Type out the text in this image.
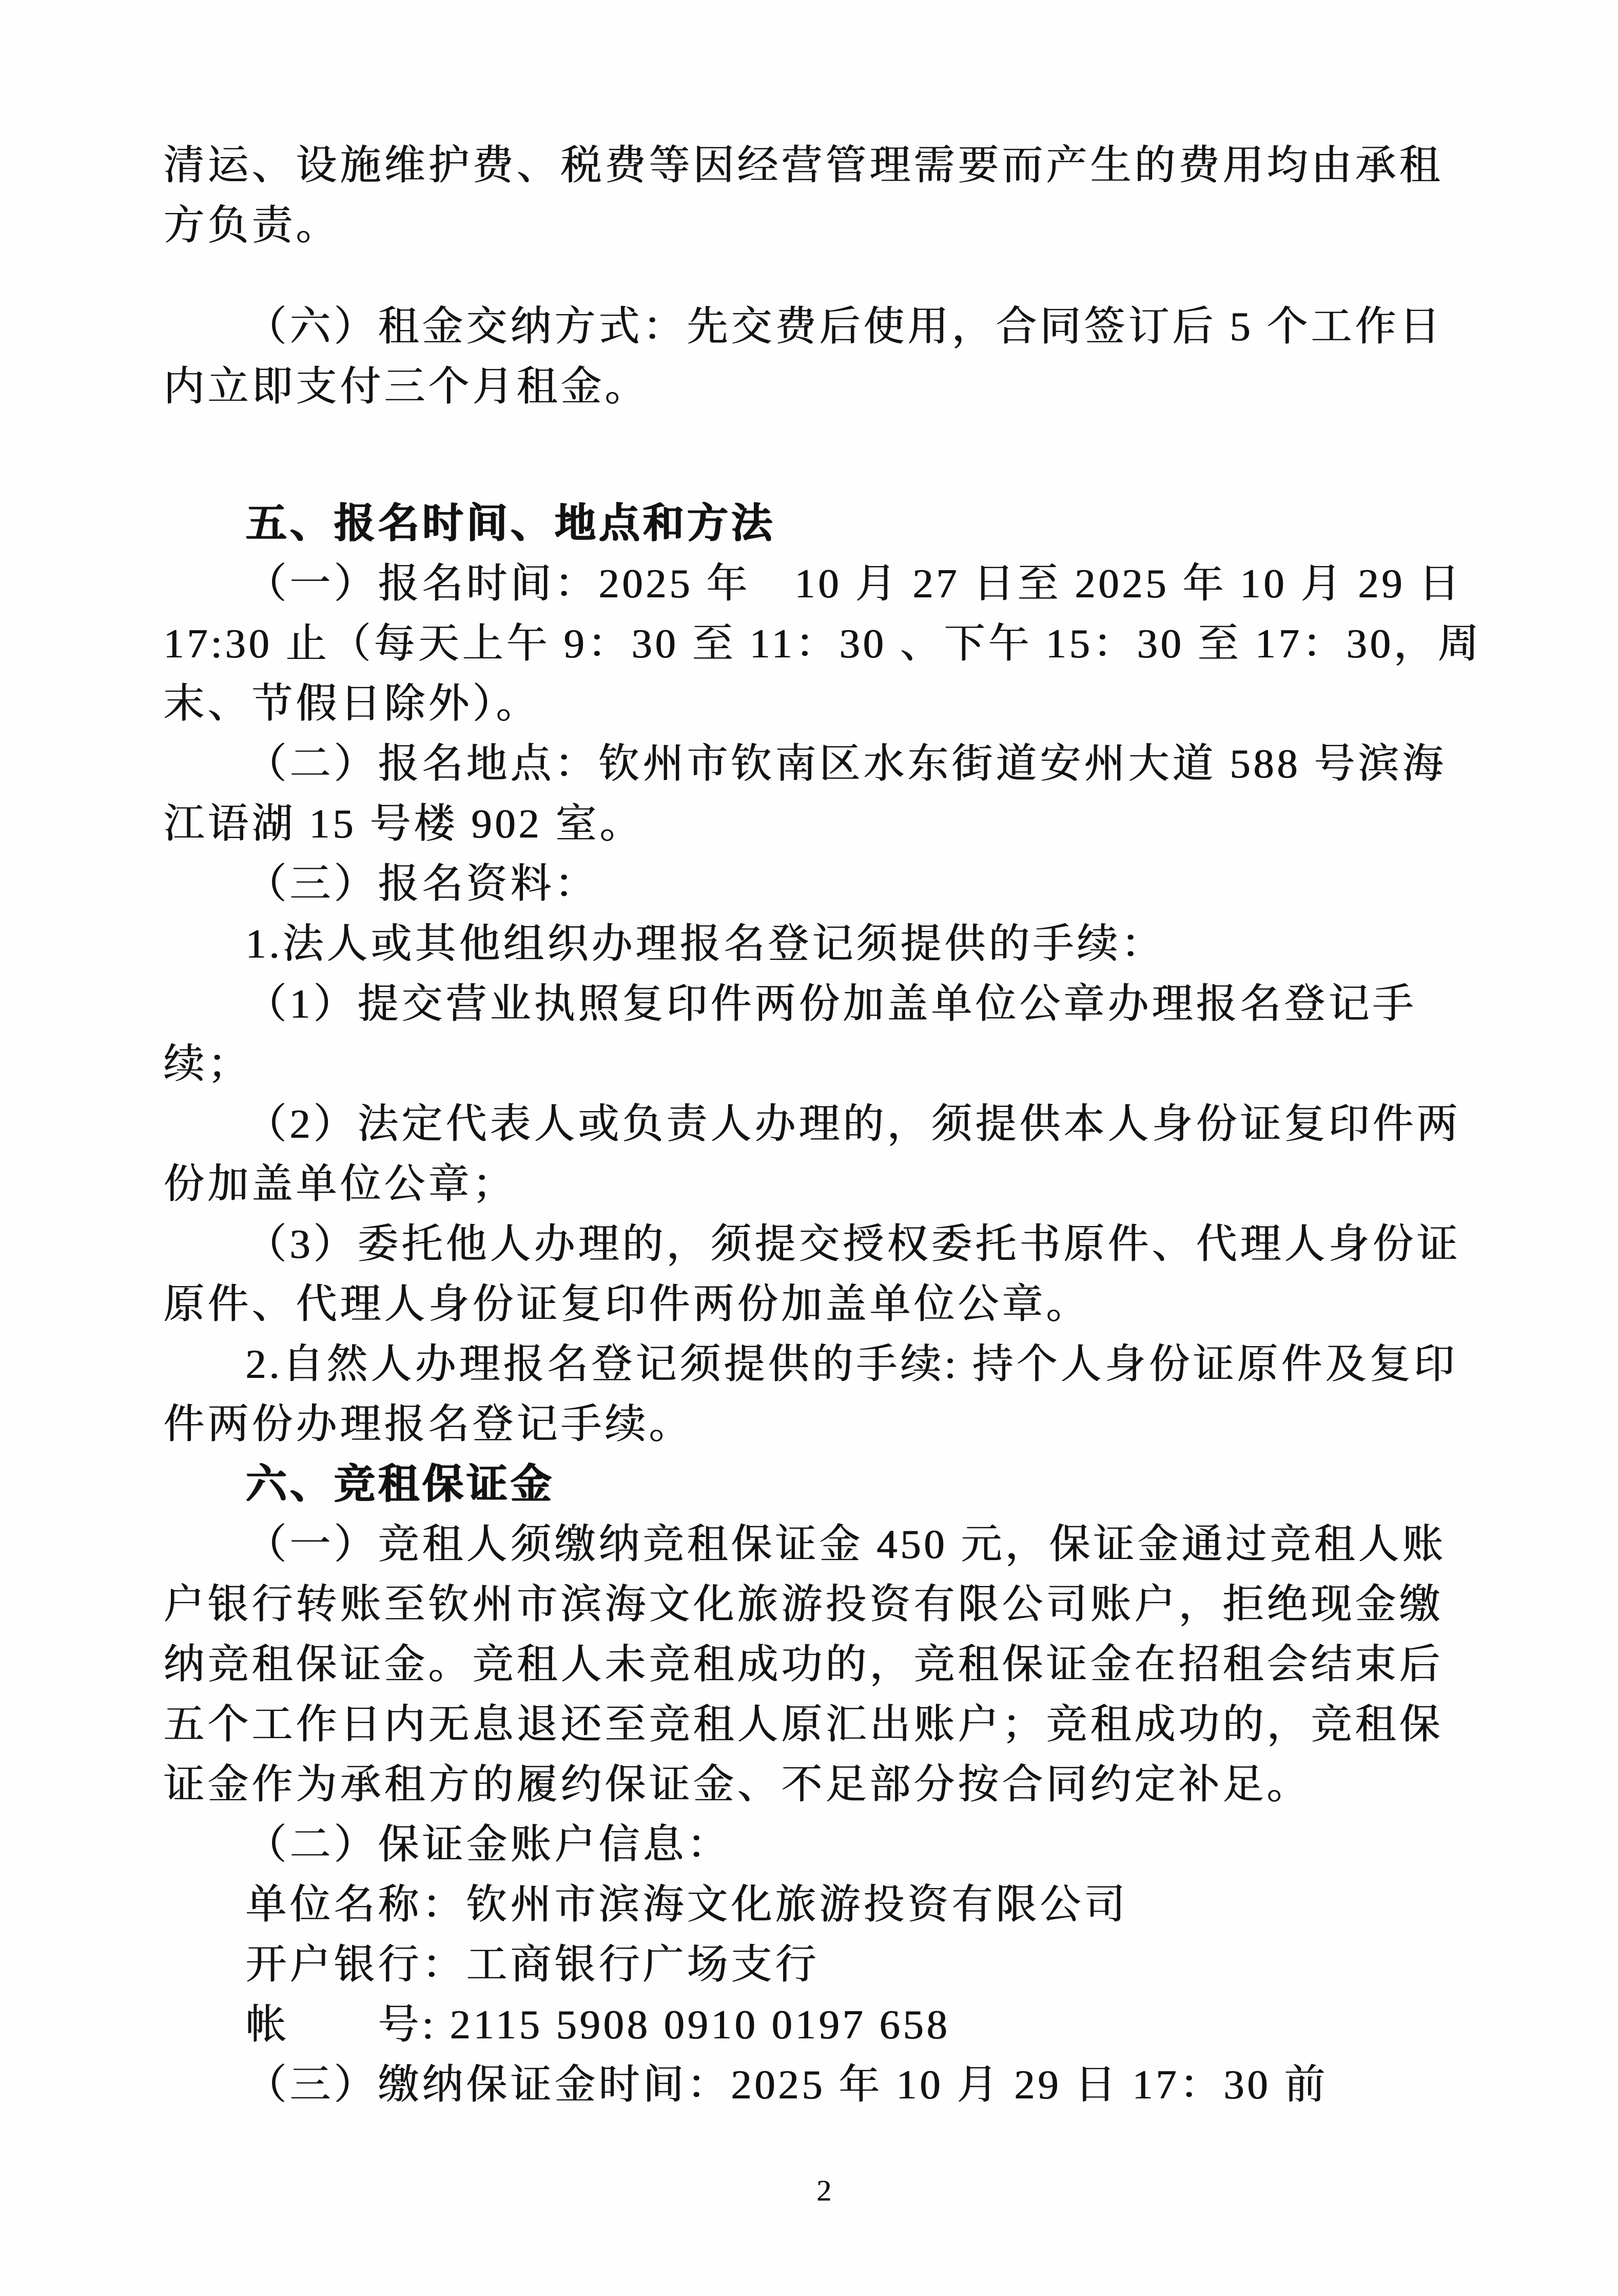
清运、设施维护费、税费等因经营管理需要而产生的费用均由承租
方负责。
（六）租金交纳方式：先交费后使用，合同签订后 5 个工作日
内立即支付三个月租金。
五、报名时间、地点和方法
（一）报名时间：2025 年　10 月 27 日至 2025 年 10 月 29 日
17:30 止（每天上午 9：30 至 11：30 、下午 15：30 至 17：30，周
末、节假日除外）。
（二）报名地点：钦州市钦南区水东街道安州大道 588 号滨海
江语湖 15 号楼 902 室。
（三）报名资料：
1.法人或其他组织办理报名登记须提供的手续：
（1）提交营业执照复印件两份加盖单位公章办理报名登记手
续；
（2）法定代表人或负责人办理的，须提供本人身份证复印件两
份加盖单位公章；
（3）委托他人办理的，须提交授权委托书原件、代理人身份证
原件、代理人身份证复印件两份加盖单位公章。
2.自然人办理报名登记须提供的手续: 持个人身份证原件及复印
件两份办理报名登记手续。
六、竞租保证金
（一）竞租人须缴纳竞租保证金 450 元，保证金通过竞租人账
户银行转账至钦州市滨海文化旅游投资有限公司账户，拒绝现金缴
纳竞租保证金。竞租人未竞租成功的，竞租保证金在招租会结束后
五个工作日内无息退还至竞租人原汇出账户；竞租成功的，竞租保
证金作为承租方的履约保证金、不足部分按合同约定补足。
（二）保证金账户信息：
单位名称：钦州市滨海文化旅游投资有限公司
开户银行：工商银行广场支行
帐　　号: 2115 5908 0910 0197 658
（三）缴纳保证金时间：2025 年 10 月 29 日 17：30 前
2
